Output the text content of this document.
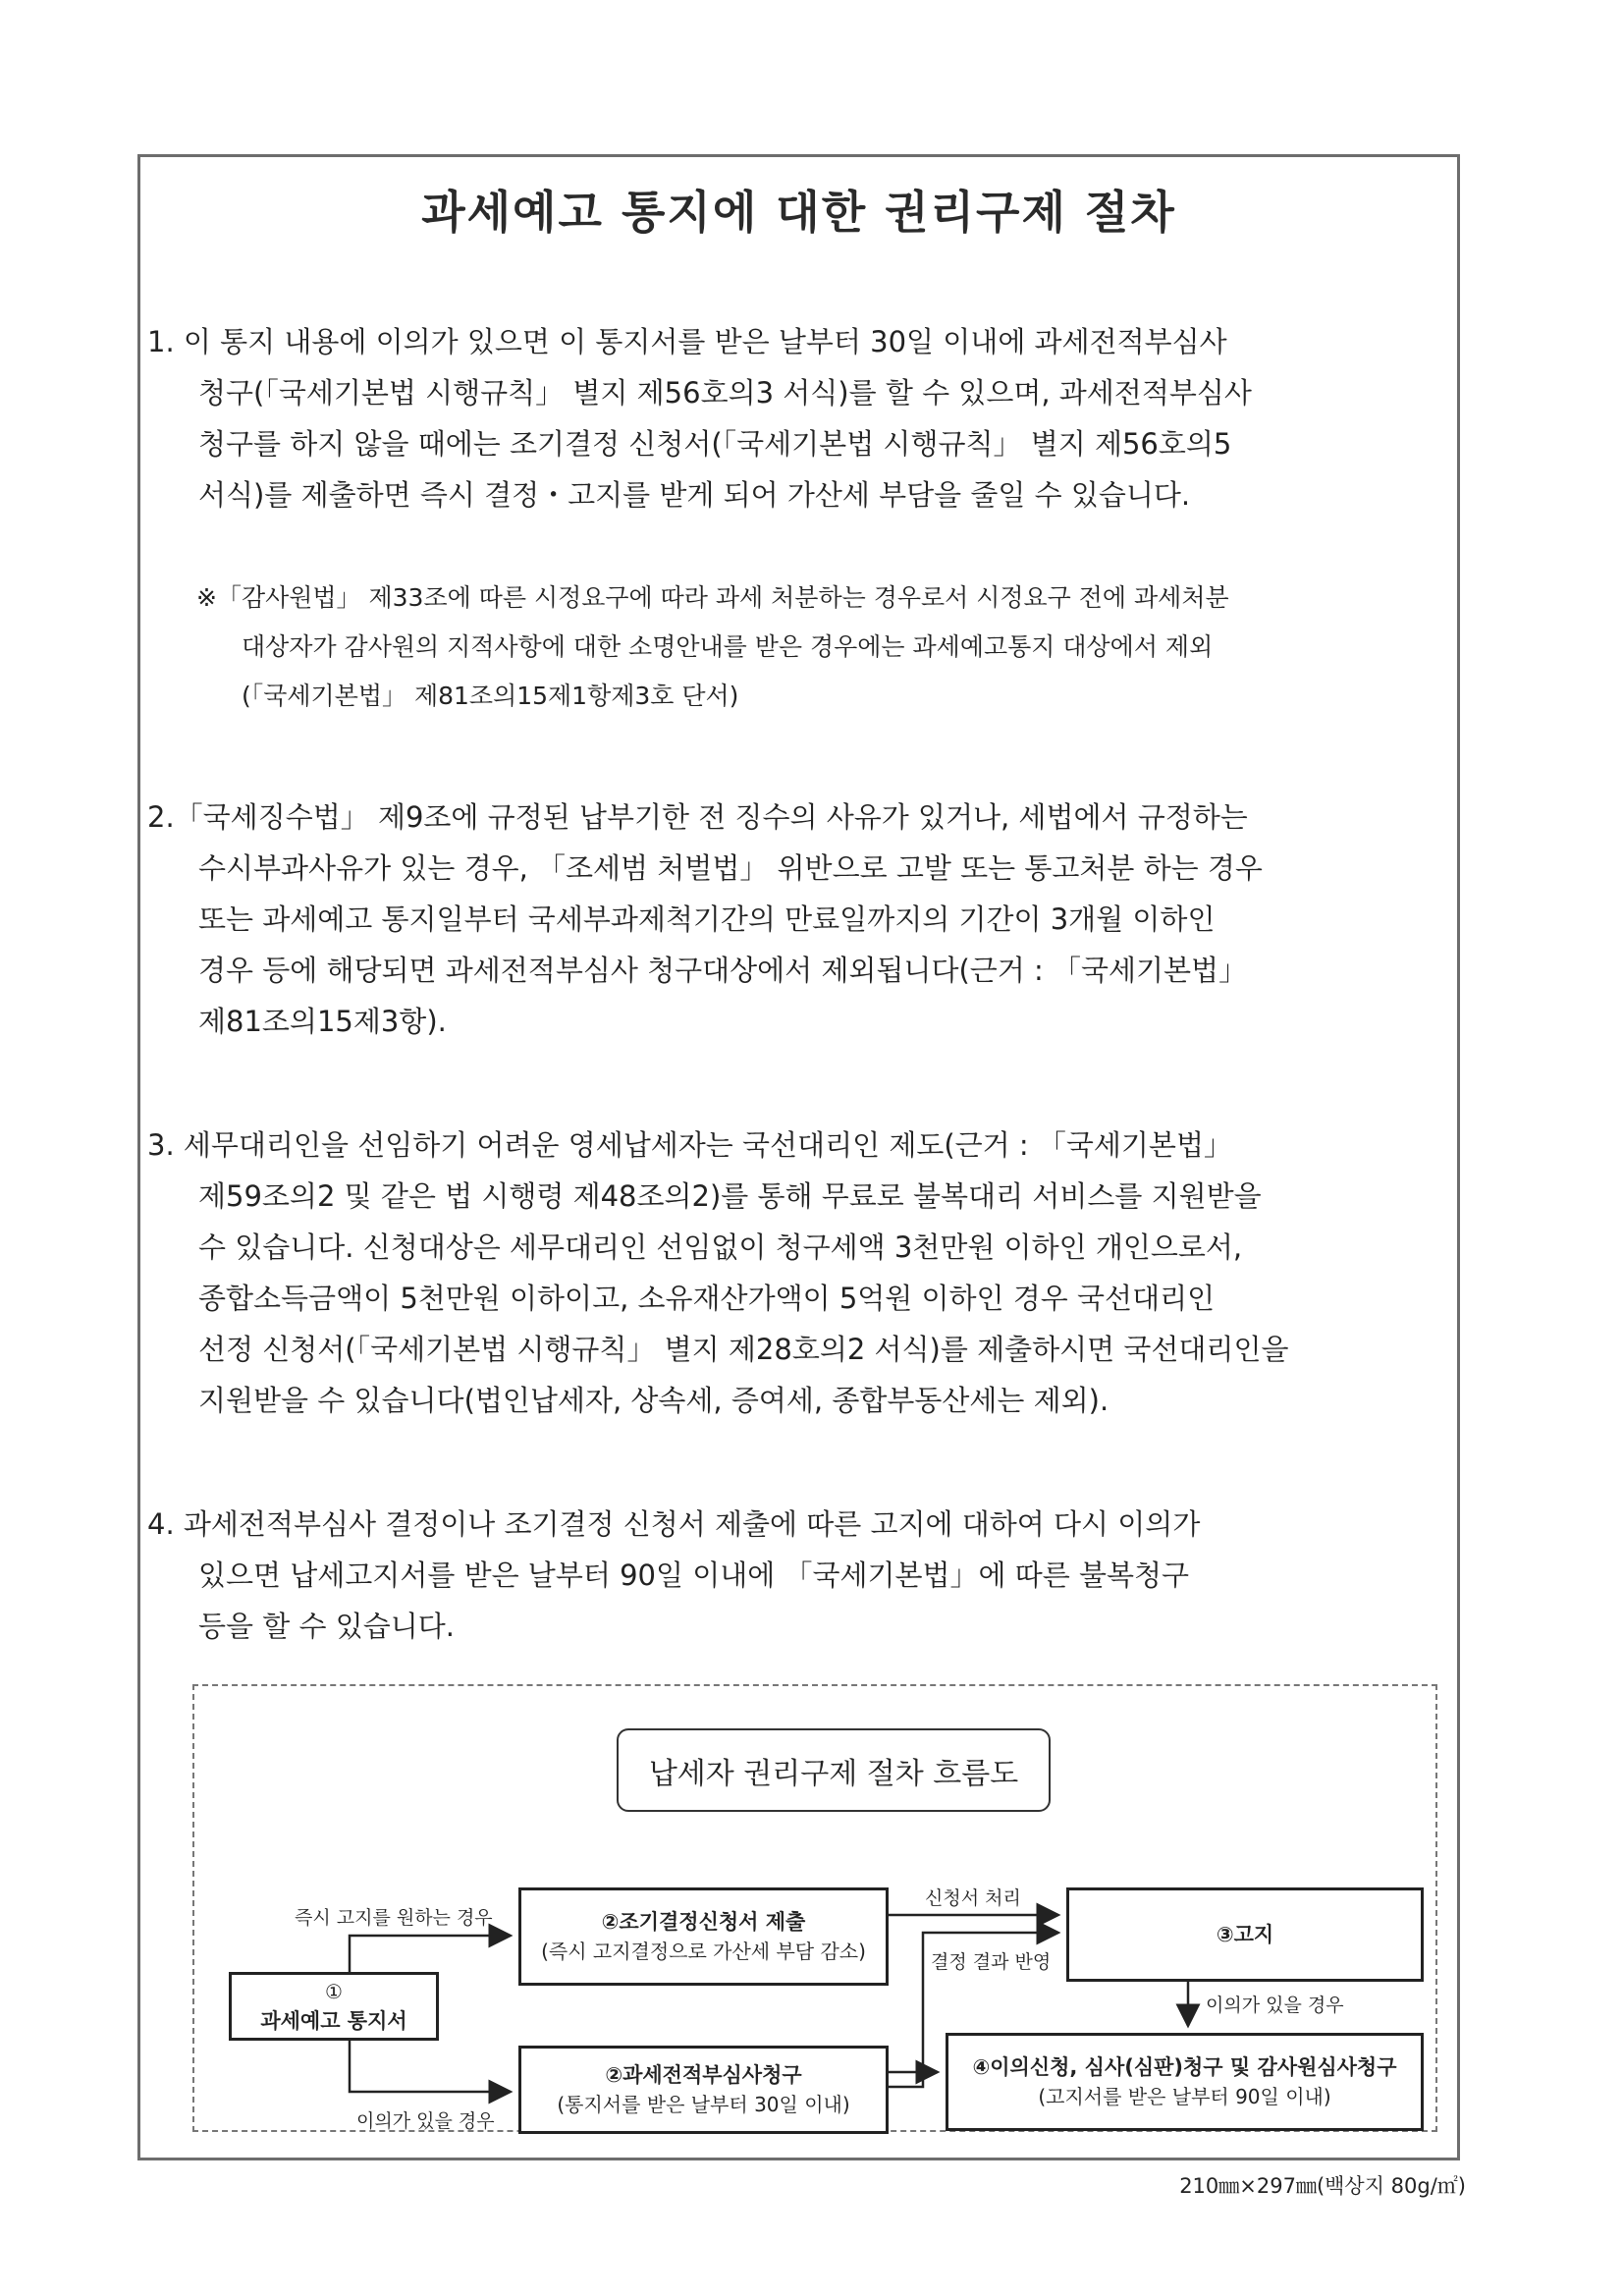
과세예고 통지에 대한 권리구제 절차
1. 이 통지 내용에 이의가 있으면 이 통지서를 받은 날부터 30일 이내에 과세전적부심사
청구(「국세기본법 시행규칙」 별지 제56호의3 서식)를 할 수 있으며, 과세전적부심사
청구를 하지 않을 때에는 조기결정 신청서(「국세기본법 시행규칙」 별지 제56호의5
서식)를 제출하면 즉시 결정・고지를 받게 되어 가산세 부담을 줄일 수 있습니다.
※「감사원법」 제33조에 따른 시정요구에 따라 과세 처분하는 경우로서 시정요구 전에 과세처분
대상자가 감사원의 지적사항에 대한 소명안내를 받은 경우에는 과세예고통지 대상에서 제외
(「국세기본법」 제81조의15제1항제3호 단서)
2.「국세징수법」 제9조에 규정된 납부기한 전 징수의 사유가 있거나, 세법에서 규정하는
수시부과사유가 있는 경우, 「조세범 처벌법」 위반으로 고발 또는 통고처분 하는 경우
또는 과세예고 통지일부터 국세부과제척기간의 만료일까지의 기간이 3개월 이하인
경우 등에 해당되면 과세전적부심사 청구대상에서 제외됩니다(근거 : 「국세기본법」
제81조의15제3항).
3. 세무대리인을 선임하기 어려운 영세납세자는 국선대리인 제도(근거 : 「국세기본법」
제59조의2 및 같은 법 시행령 제48조의2)를 통해 무료로 불복대리 서비스를 지원받을
수 있습니다. 신청대상은 세무대리인 선임없이 청구세액 3천만원 이하인 개인으로서,
종합소득금액이 5천만원 이하이고, 소유재산가액이 5억원 이하인 경우 국선대리인
선정 신청서(「국세기본법 시행규칙」 별지 제28호의2 서식)를 제출하시면 국선대리인을
지원받을 수 있습니다(법인납세자, 상속세, 증여세, 종합부동산세는 제외).
4. 과세전적부심사 결정이나 조기결정 신청서 제출에 따른 고지에 대하여 다시 이의가
있으면 납세고지서를 받은 날부터 90일 이내에 「국세기본법」에 따른 불복청구
등을 할 수 있습니다.
납세자 권리구제 절차 흐름도
①
과세예고 통지서
②조기결정신청서 제출
(즉시 고지결정으로 가산세 부담 감소)
②과세전적부심사청구
(통지서를 받은 날부터 30일 이내)
③고지
④이의신청, 심사(심판)청구 및 감사원심사청구
(고지서를 받은 날부터 90일 이내)
즉시 고지를 원하는 경우
이의가 있을 경우
신청서 처리
결정 결과 반영
이의가 있을 경우
210㎜×297㎜(백상지 80g/㎡)
